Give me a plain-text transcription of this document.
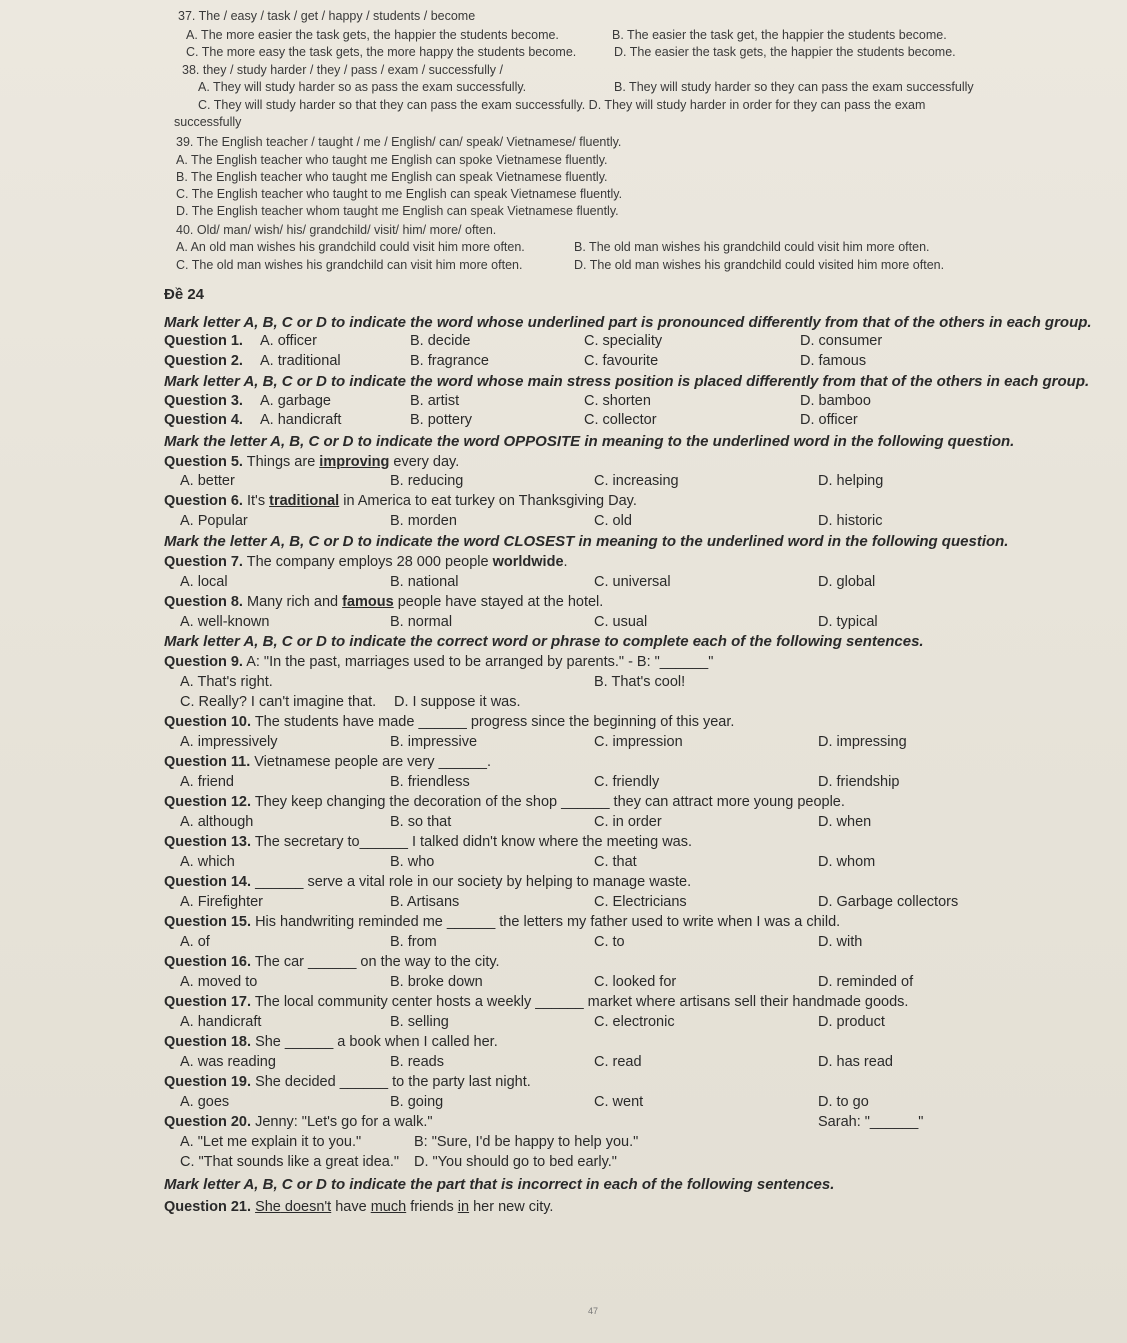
37. The / easy / task / get / happy / students / become
A. The more easier the task gets, the happier the students become.	B. The easier the task get, the happier the students become.
C. The more easy the task gets, the more happy the students become.	D. The easier the task gets, the happier the students become.
38. they / study harder / they / pass / exam / successfully /
A. They will study harder so as pass the exam successfully.	B. They will study harder so they can pass the exam successfully
C. They will study harder so that they can pass the exam successfully. D. They will study harder in order for they can pass the exam
successfully
39. The English teacher / taught / me / English/ can/ speak/ Vietnamese/ fluently.
A. The English teacher who taught me English can spoke Vietnamese fluently.
B. The English teacher who taught me English can speak Vietnamese fluently.
C. The English teacher who taught to me English can speak Vietnamese fluently.
D. The English teacher whom taught me English can speak Vietnamese fluently.
40. Old/ man/ wish/ his/ grandchild/ visit/ him/ more/ often.
A. An old man wishes his grandchild could visit him more often.	B. The old man wishes his grandchild could visit him more often.
C. The old man wishes his grandchild can visit him more often.	D. The old man wishes his grandchild could visited him more often.
Đề 24
Mark letter A, B, C or D to indicate the word whose underlined part is pronounced differently from that of the others in each group.
Question 1. A. officer	B. decide	C. speciality	D. consumer
Question 2. A. traditional	B. fragrance	C. favourite	D. famous
Mark letter A, B, C or D to indicate the word whose main stress position is placed differently from that of the others in each group.
Question 3. A. garbage	B. artist	C. shorten	D. bamboo
Question 4. A. handicraft	B. pottery	C. collector	D. officer
Mark the letter A, B, C or D to indicate the word OPPOSITE in meaning to the underlined word in the following question.
Question 5. Things are improving every day.
A. better	B. reducing	C. increasing	D. helping
Question 6. It's traditional in America to eat turkey on Thanksgiving Day.
A. Popular	B. morden	C. old	D. historic
Mark the letter A, B, C or D to indicate the word CLOSEST in meaning to the underlined word in the following question.
Question 7. The company employs 28 000 people worldwide.
A. local	B. national	C. universal	D. global
Question 8. Many rich and famous people have stayed at the hotel.
A. well-known	B. normal	C. usual	D. typical
Mark letter A, B, C or D to indicate the correct word or phrase to complete each of the following sentences.
Question 9. A: "In the past, marriages used to be arranged by parents." - B: "______"
A. That's right.	B. That's cool!
C. Really? I can't imagine that. D. I suppose it was.
Question 10. The students have made ______ progress since the beginning of this year.
A. impressively	B. impressive	C. impression	D. impressing
Question 11. Vietnamese people are very ______.
A. friend	B. friendless	C. friendly	D. friendship
Question 12. They keep changing the decoration of the shop ______ they can attract more young people.
A. although	B. so that	C. in order	D. when
Question 13. The secretary to______ I talked didn't know where the meeting was.
A. which	B. who	C. that	D. whom
Question 14. ______ serve a vital role in our society by helping to manage waste.
A. Firefighter	B. Artisans	C. Electricians	D. Garbage collectors
Question 15. His handwriting reminded me ______ the letters my father used to write when I was a child.
A. of	B. from	C. to	D. with
Question 16. The car ______ on the way to the city.
A. moved to	B. broke down	C. looked for	D. reminded of
Question 17. The local community center hosts a weekly ______ market where artisans sell their handmade goods.
A. handicraft	B. selling	C. electronic	D. product
Question 18. She ______ a book when I called her.
A. was reading	B. reads	C. read	D. has read
Question 19. She decided ______ to the party last night.
A. goes	B. going	C. went	D. to go
Question 20. Jenny: "Let's go for a walk."	Sarah: "______"
A. "Let me explain it to you."	B: "Sure, I'd be happy to help you."
C. "That sounds like a great idea." D. "You should go to bed early."
Mark letter A, B, C or D to indicate the part that is incorrect in each of the following sentences.
Question 21. She doesn't have much friends in her new city.
47
